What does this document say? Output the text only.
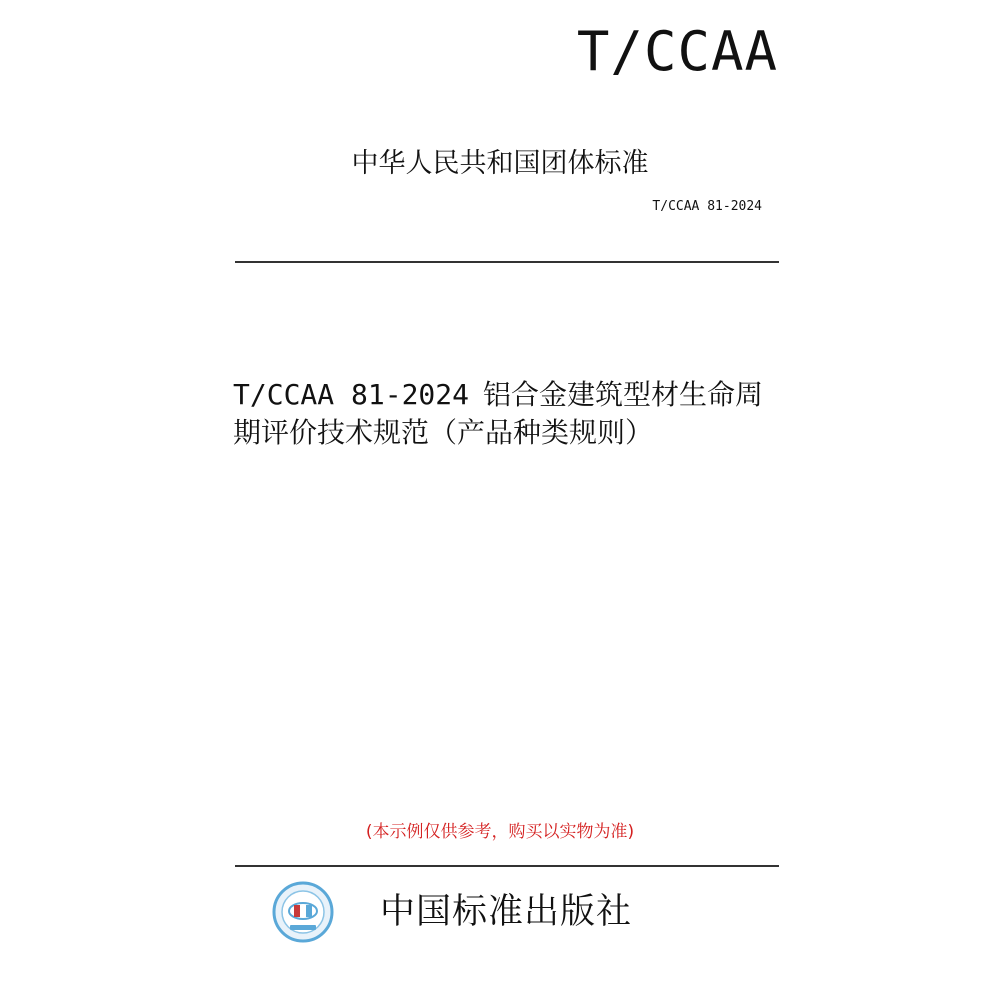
T/CCAA
中华人民共和国团体标准
T/CCAA 81-2024
T/CCAA 81-2024 铝合金建筑型材生命周
期评价技术规范（产品种类规则）
(本示例仅供参考，购买以实物为准)
中国标准出版社
